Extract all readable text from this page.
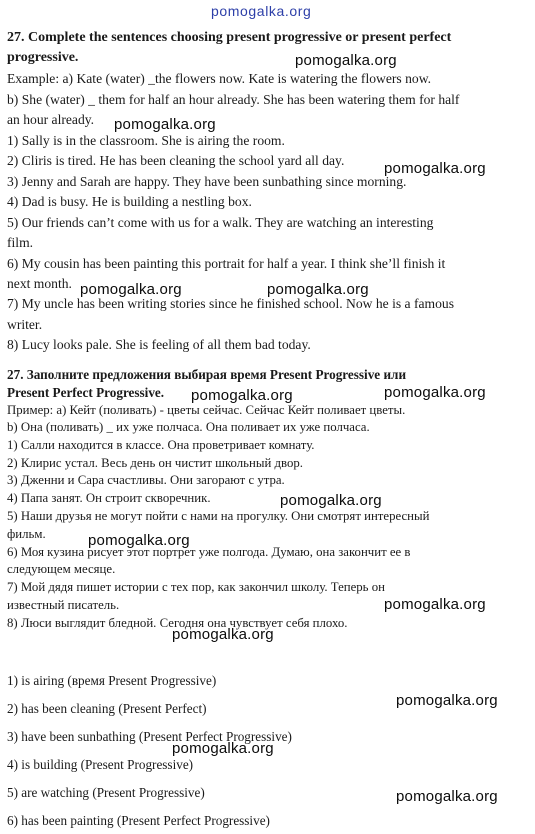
27. Complete the sentences choosing present progressive or present perfect
progressive.
Example: a) Kate (water) _the flowers now. Kate is watering the flowers now.
b) She (water) _ them for half an hour already. She has been watering them for half
an hour already.
1) Sally is in the classroom. She is airing the room.
2) Cliris is tired. He has been cleaning the school yard all day.
3) Jenny and Sarah are happy. They have been sunbathing since morning.
4) Dad is busy. He is building a nestling box.
5) Our friends can’t come with us for a walk. They are watching an interesting
film.
6) My cousin has been painting this portrait for half a year. I think she’ll finish it
next month.
7) My uncle has been writing stories since he finished school. Now he is a famous
writer.
8) Lucy looks pale. She is feeling of all them bad today.
27. Заполните предложения выбирая время Present Progressive или
Present Perfect Progressive.
Пример: а) Кейт (поливать) - цветы сейчас. Сейчас Кейт поливает цветы.
b) Она (поливать) _ их уже полчаса. Она поливает их уже полчаса.
1) Салли находится в классе. Она проветривает комнату.
2) Клирис устал. Весь день он чистит школьный двор.
3) Дженни и Сара счастливы. Они загорают с утра.
4) Папа занят. Он строит скворечник.
5) Наши друзья не могут пойти с нами на прогулку. Они смотрят интересный
фильм.
6) Моя кузина рисует этот портрет уже полгода. Думаю, она закончит ее в
следующем месяце.
7) Мой дядя пишет истории с тех пор, как закончил школу. Теперь он
известный писатель.
8) Люси выглядит бледной. Сегодня она чувствует себя плохо.
1) is airing (время Present Progressive)
2) has been cleaning (Present Perfect)
3) have been sunbathing (Present Perfect Progressive)
4) is building (Present Progressive)
5) are watching (Present Progressive)
6) has been painting (Present Perfect Progressive)
pomogalka.org
pomogalka.org
pomogalka.org
pomogalka.org
pomogalka.org	pomogalka.org
pomogalka.org	pomogalka.org
pomogalka.org
pomogalka.org
pomogalka.org
pomogalka.org
pomogalka.org
pomogalka.org
pomogalka.org
